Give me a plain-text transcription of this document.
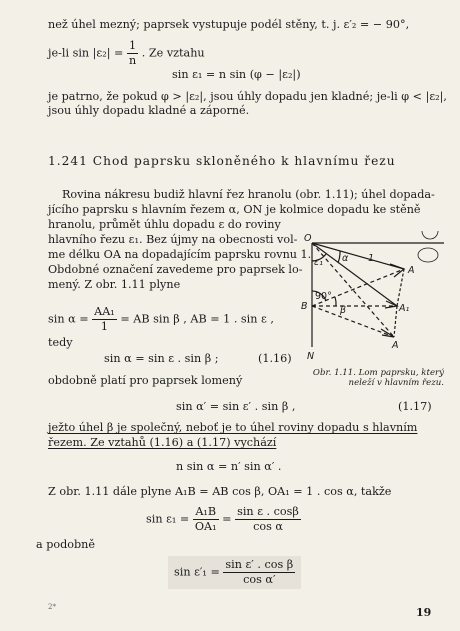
než úhel mezný; paprsek vystupuje podél stěny, t. j. ε′₂ = − 90°,
je-li $\sin |\varepsilon_2| = \frac{1}{n}$ . Ze vztahu
sin ε₁ = n sin (φ − |ε₂|)
je patrno, že pokud φ > |ε₂|, jsou úhly dopadu jen kladné; je-li φ < |ε₂|,
jsou úhly dopadu kladné a záporné.
1.241 Chod paprsku skloněného k hlavnímu řezu
Rovina nákresu budiž hlavní řez hranolu (obr. 1.11); úhel dopada-
jícího paprsku s hlavním řezem α, ON je kolmice dopadu ke stěně
hranolu, průmět úhlu dopadu ε do roviny
hlavního řezu ε₁. Bez újmy na obecnosti vol-
me délku OA na dopadajícím paprsku rovnu 1.
Obdobné označení zavedeme pro paprsek lo-
mený. Z obr. 1.11 plyne
$\sin \alpha = \frac{\text{AA₁}}{1}$ = AB sin β , AB = 1 . sin ε ,
tedy
sin α = sin ε . sin β ;	(1.16)
obdobně platí pro paprsek lomený
sin α′ = sin ε′ . sin β ,	(1.17)
ježto úhel β je společný, neboť je to úhel roviny dopadu s hlavním
řezem. Ze vztahů (1.16) a (1.17) vychází
n sin α = n′ sin α′ .
Z obr. 1.11 dále plyne A₁B = AB cos β, OA₁ = 1 . cos α, takže
$\sin \varepsilon_1 = \frac{\text{A₁B}}{\text{OA₁}} = \frac{\text{sin ε . cosβ}}{\text{cos α}}$
a podobně
$\sin \varepsilon'_1 = \frac{\text{sin ε′ . cos β}}{\text{cos α′}}$
O
N
B
A
A₁
A
ε₁ α
β
1
90°
Obr. 1.11. Lom paprsku, který neleží v hlavním řezu.
2*	19
